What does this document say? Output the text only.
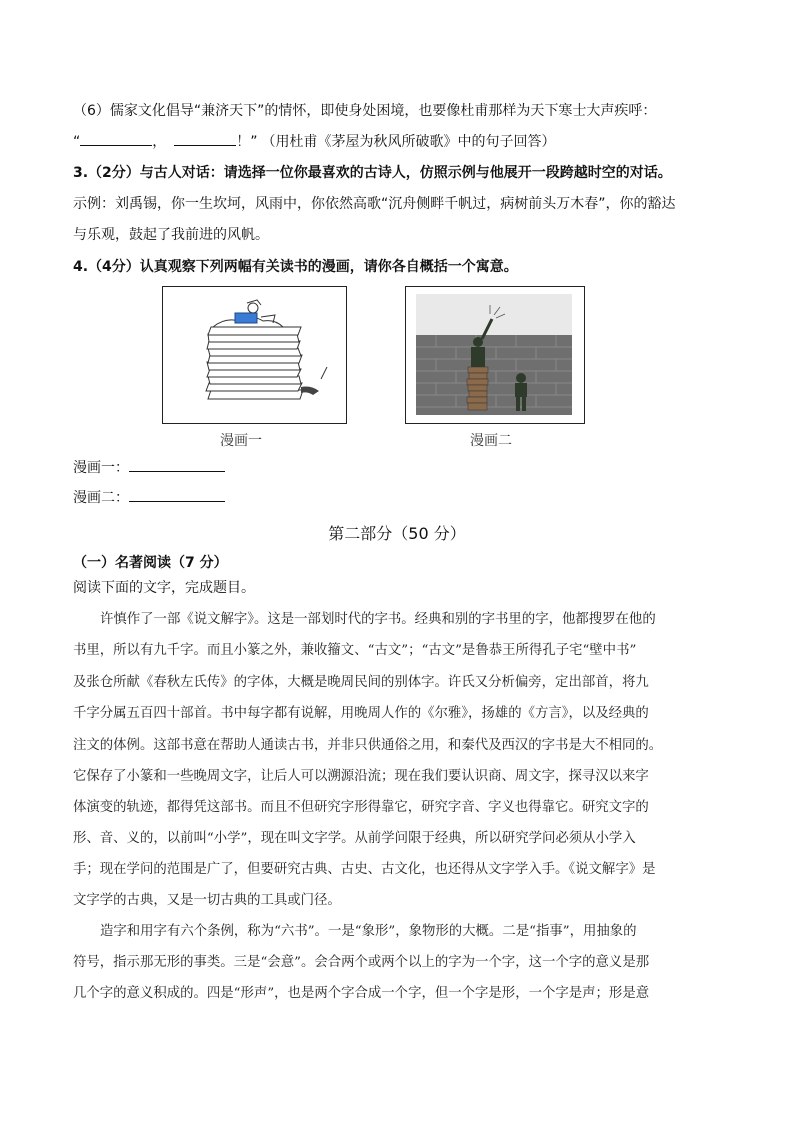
（6）儒家文化倡导“兼济天下”的情怀，即使身处困境，也要像杜甫那样为天下寒士大声疾呼：
“	，	！” （用杜甫《茅屋为秋风所破歌》中的句子回答）
3.（2分）与古人对话：请选择一位你最喜欢的古诗人，仿照示例与他展开一段跨越时空的对话。
示例：刘禹锡，你一生坎坷，风雨中，你依然高歌“沉舟侧畔千帆过，病树前头万木春”，你的豁达
与乐观，鼓起了我前进的风帆。
4.（4分）认真观察下列两幅有关读书的漫画，请你各自概括一个寓意。
漫画一	漫画二
漫画一：
漫画二：
第二部分（50 分）
（一）名著阅读（7 分）
阅读下面的文字，完成题目。
许慎作了一部《说文解字》。这是一部划时代的字书。经典和别的字书里的字，他都搜罗在他的
书里，所以有九千字。而且小篆之外，兼收籀文、“古文”；“古文”是鲁恭王所得孔子宅“壁中书”
及张仓所献《春秋左氏传》的字体，大概是晚周民间的别体字。许氏又分析偏旁，定出部首，将九
千字分属五百四十部首。书中每字都有说解，用晚周人作的《尔雅》，扬雄的《方言》，以及经典的
注文的体例。这部书意在帮助人通读古书，并非只供通俗之用，和秦代及西汉的字书是大不相同的。
它保存了小篆和一些晚周文字，让后人可以溯源沿流；现在我们要认识商、周文字，探寻汉以来字
体演变的轨迹，都得凭这部书。而且不但研究字形得靠它，研究字音、字义也得靠它。研究文字的
形、音、义的，以前叫“小学”，现在叫文字学。从前学问限于经典，所以研究学问必须从小学入
手；现在学问的范围是广了，但要研究古典、古史、古文化，也还得从文字学入手。《说文解字》是
文字学的古典，又是一切古典的工具或门径。
造字和用字有六个条例，称为“六书”。一是“象形”，象物形的大概。二是“指事”，用抽象的
符号，指示那无形的事类。三是“会意”。会合两个或两个以上的字为一个字，这一个字的意义是那
几个字的意义积成的。四是“形声”，也是两个字合成一个字，但一个字是形，一个字是声；形是意
